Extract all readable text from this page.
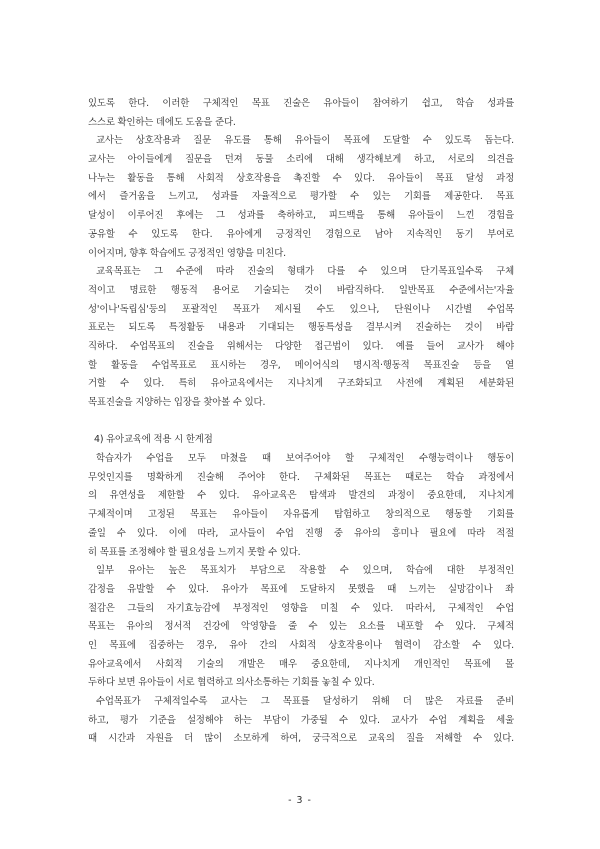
있도록 한다. 이러한 구체적인 목표 진술은 유아들이 참여하기 쉽고, 학습 성과를
스스로 확인하는 데에도 도움을 준다.
교사는 상호작용과 질문 유도를 통해 유아들이 목표에 도달할 수 있도록 돕는다.
교사는 아이들에게 질문을 던져 동물 소리에 대해 생각해보게 하고, 서로의 의견을
나누는 활동을 통해 사회적 상호작용을 촉진할 수 있다. 유아들이 목표 달성 과정
에서 즐거움을 느끼고, 성과를 자율적으로 평가할 수 있는 기회를 제공한다. 목표
달성이 이루어진 후에는 그 성과를 축하하고, 피드백을 통해 유아들이 느낀 경험을
공유할 수 있도록 한다. 유아에게 긍정적인 경험으로 남아 지속적인 동기 부여로
이어지며, 향후 학습에도 긍정적인 영향을 미친다.
교육목표는 그 수준에 따라 진술의 형태가 다를 수 있으며 단기목표일수록 구체
적이고 명료한 행동적 용어로 기술되는 것이 바람직하다. 일반목표 수준에서는'자율
성'이나'독립심'등의 포괄적인 목표가 제시될 수도 있으나, 단원이나 시간별 수업목
표로는 되도록 특정활동 내용과 기대되는 행동특성을 결부시켜 진술하는 것이 바람
직하다. 수업목표의 진술을 위해서는 다양한 접근법이 있다. 예를 들어 교사가 해야
할 활동을 수업목표로 표시하는 경우, 메이어식의 명시적·행동적 목표진술 등을 열
거할 수 있다. 특히 유아교육에서는 지나치게 구조화되고 사전에 계획된 세분화된
목표진술을 지양하는 입장을 찾아볼 수 있다.
4) 유아교육에 적용 시 한계점
학습자가 수업을 모두 마쳤을 때 보여주어야 할 구체적인 수행능력이나 행동이
무엇인지를 명확하게 진술해 주어야 한다. 구체화된 목표는 때로는 학습 과정에서
의 유연성을 제한할 수 있다. 유아교육은 탐색과 발견의 과정이 중요한데, 지나치게
구체적이며 고정된 목표는 유아들이 자유롭게 탐험하고 창의적으로 행동할 기회를
줄일 수 있다. 이에 따라, 교사들이 수업 진행 중 유아의 흥미나 필요에 따라 적절
히 목표를 조정해야 할 필요성을 느끼지 못할 수 있다.
일부 유아는 높은 목표치가 부담으로 작용할 수 있으며, 학습에 대한 부정적인
감정을 유발할 수 있다. 유아가 목표에 도달하지 못했을 때 느끼는 실망감이나 좌
절감은 그들의 자기효능감에 부정적인 영향을 미칠 수 있다. 따라서, 구체적인 수업
목표는 유아의 정서적 건강에 악영향을 줄 수 있는 요소를 내포할 수 있다. 구체적
인 목표에 집중하는 경우, 유아 간의 사회적 상호작용이나 협력이 감소할 수 있다.
유아교육에서 사회적 기술의 개발은 매우 중요한데, 지나치게 개인적인 목표에 몰
두하다 보면 유아들이 서로 협력하고 의사소통하는 기회를 놓칠 수 있다.
수업목표가 구체적일수록 교사는 그 목표를 달성하기 위해 더 많은 자료를 준비
하고, 평가 기준을 설정해야 하는 부담이 가중될 수 있다. 교사가 수업 계획을 세울
때 시간과 자원을 더 많이 소모하게 하여, 궁극적으로 교육의 질을 저해할 수 있다.
- 3 -
